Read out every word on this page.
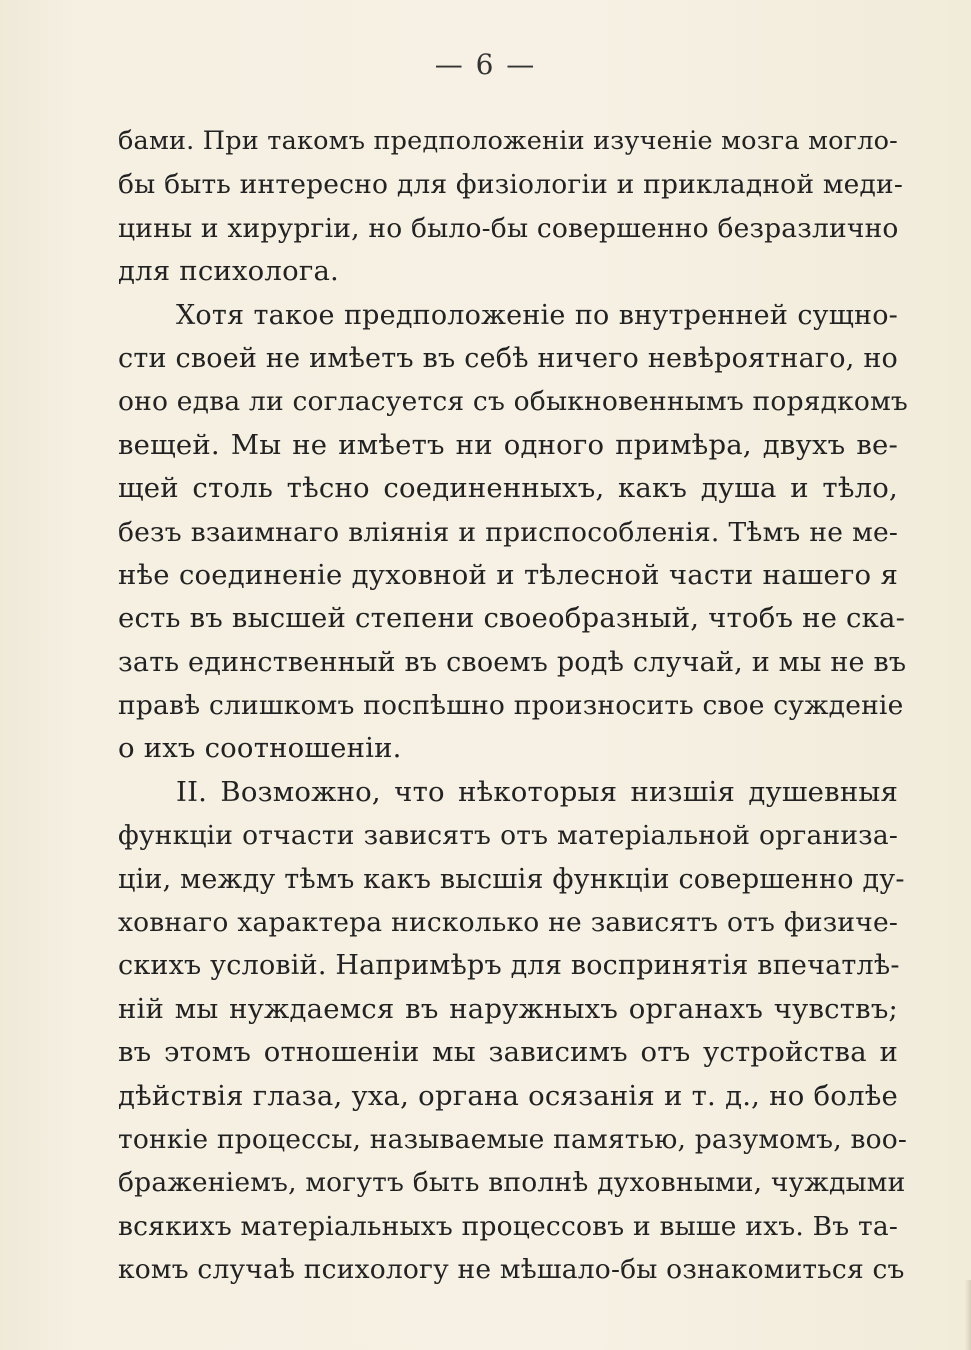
— 6 —
бами. При такомъ предположеніи изученіе мозга могло-
бы быть интересно для физіологіи и прикладной меди-
цины и хирургіи, но было-бы совершенно безразлично
для психолога.
Хотя такое предположеніе по внутренней сущно-
сти своей не имѣетъ въ себѣ ничего невѣроятнаго, но
оно едва ли согласуется съ обыкновеннымъ порядкомъ
вещей. Мы не имѣетъ ни одного примѣра, двухъ ве-
щей столь тѣсно соединенныхъ, какъ душа и тѣло,
безъ взаимнаго вліянія и приспособленія. Тѣмъ не ме-
нѣе соединеніе духовной и тѣлесной части нашего я
есть въ высшей степени своеобразный, чтобъ не ска-
зать единственный въ своемъ родѣ случай, и мы не въ
правѣ слишкомъ поспѣшно произносить свое сужденіе
о ихъ соотношеніи.
II. Возможно, что нѣкоторыя низшія душевныя
функціи отчасти зависятъ отъ матеріальной организа-
ціи, между тѣмъ какъ высшія функціи совершенно ду-
ховнаго характера нисколько не зависятъ отъ физиче-
скихъ условій. Напримѣръ для воспринятія впечатлѣ-
ній мы нуждаемся въ наружныхъ органахъ чувствъ;
въ этомъ отношеніи мы зависимъ отъ устройства и
дѣйствія глаза, уха, органа осязанія и т. д., но болѣе
тонкіе процессы, называемые памятью, разумомъ, воо-
браженіемъ, могутъ быть вполнѣ духовными, чуждыми
всякихъ матеріальныхъ процессовъ и выше ихъ. Въ та-
комъ случаѣ психологу не мѣшало-бы ознакомиться съ
